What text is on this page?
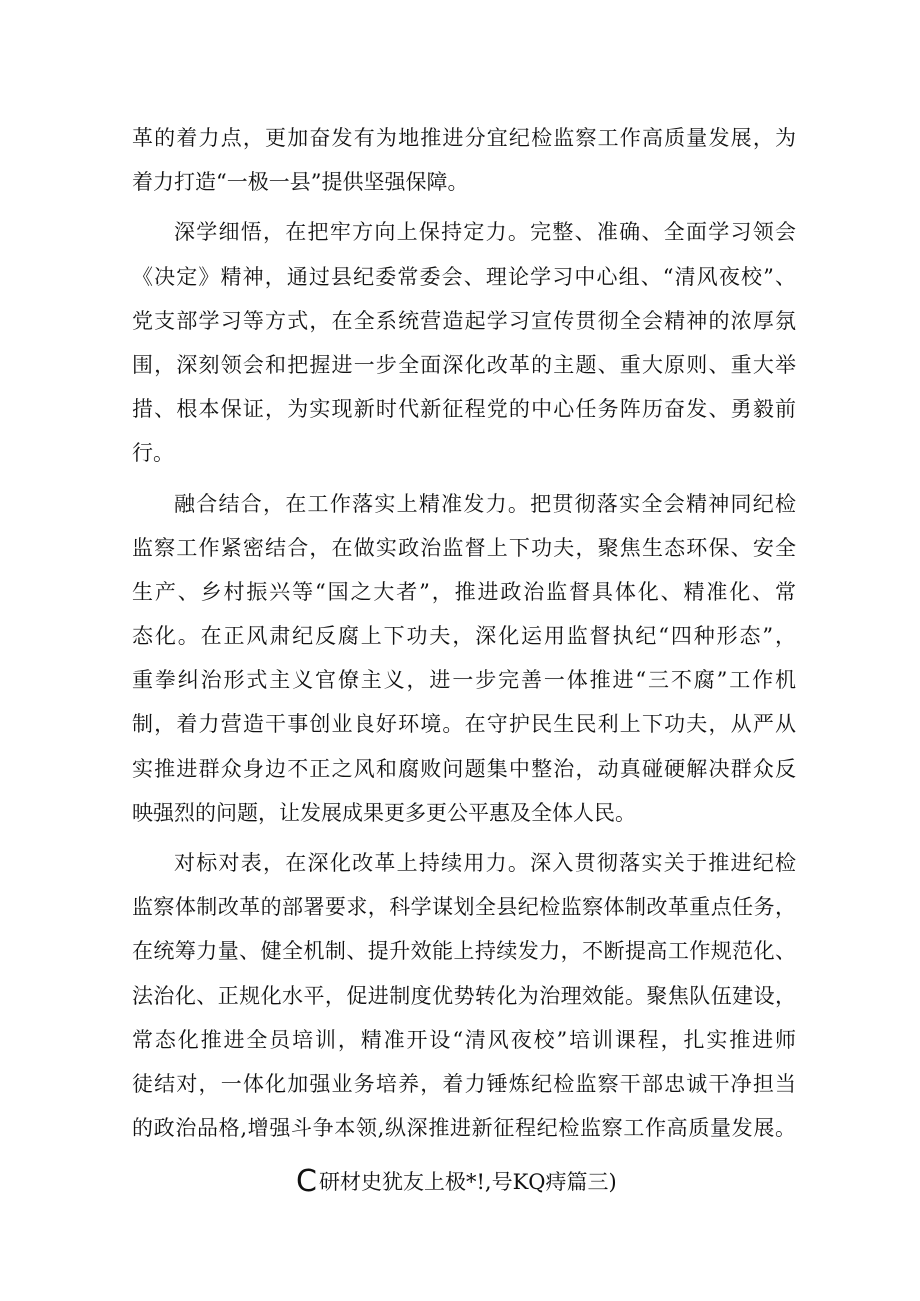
革的着力点，更加奋发有为地推进分宜纪检监察工作高质量发展，为
着力打造“一极一县”提供坚强保障。
深学细悟，在把牢方向上保持定力。完整、准确、全面学习领会
《决定》精神，通过县纪委常委会、理论学习中心组、“清风夜校”、
党支部学习等方式，在全系统营造起学习宣传贯彻全会精神的浓厚氛
围，深刻领会和把握进一步全面深化改革的主题、重大原则、重大举
措、根本保证，为实现新时代新征程党的中心任务阵历奋发、勇毅前
行。
融合结合，在工作落实上精准发力。把贯彻落实全会精神同纪检
监察工作紧密结合，在做实政治监督上下功夫，聚焦生态环保、安全
生产、乡村振兴等“国之大者”，推进政治监督具体化、精准化、常
态化。在正风肃纪反腐上下功夫，深化运用监督执纪“四种形态”，
重拳纠治形式主义官僚主义，进一步完善一体推进“三不腐”工作机
制，着力营造干事创业良好环境。在守护民生民利上下功夫，从严从
实推进群众身边不正之风和腐败问题集中整治，动真碰硬解决群众反
映强烈的问题，让发展成果更多更公平惠及全体人民。
对标对表，在深化改革上持续用力。深入贯彻落实关于推进纪检
监察体制改革的部署要求，科学谋划全县纪检监察体制改革重点任务，
在统筹力量、健全机制、提升效能上持续发力，不断提高工作规范化、
法治化、正规化水平，促进制度优势转化为治理效能。聚焦队伍建设，
常态化推进全员培训，精准开设“清风夜校”培训课程，扎实推进师
徒结对，一体化加强业务培养，着力锤炼纪检监察干部忠诚干净担当
的政治品格,增强斗争本领,纵深推进新征程纪检监察工作高质量发展。
C研材史犹友上极*!,号KQ痔篇三)
